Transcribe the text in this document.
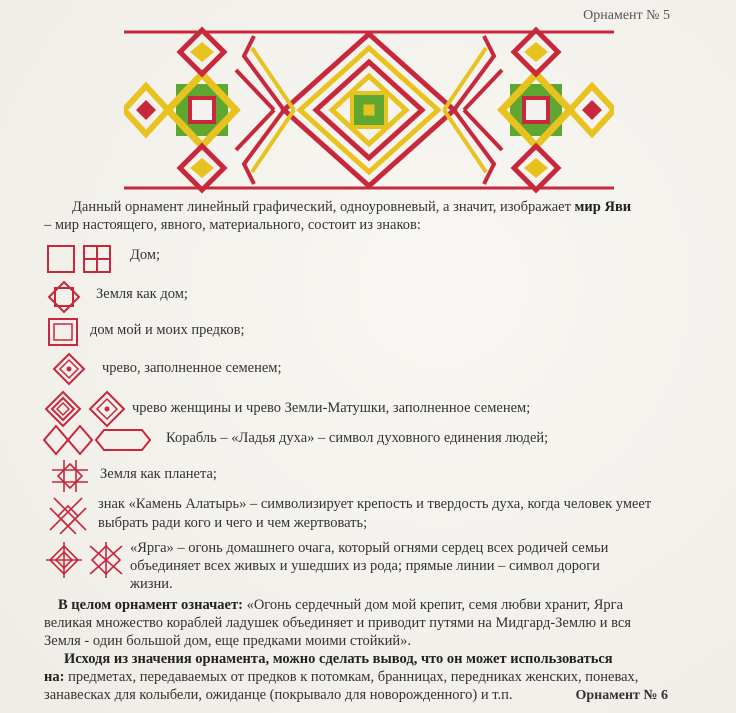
Орнамент № 5
Данный орнамент линейный графический, одноуровневый, а значит, изображает мир Яви
– мир настоящего, явного, материального, состоит из знаков:
Дом;
Земля как дом;
дом мой и моих предков;
чрево, заполненное семенем;
чрево женщины и чрево Земли-Матушки, заполненное семенем;
Корабль – «Ладья духа» – символ духовного единения людей;
Земля как планета;
знак «Камень Алатырь» – символизирует крепость и твердость духа, когда человек умеет
выбрать ради кого и чего и чем жертвовать;
«Ярга» – огонь домашнего очага, который огнями сердец всех родичей семьи
объединяет всех живых и ушедших из рода; прямые линии – символ дороги
жизни.
В целом орнамент означает: «Огонь сердечный дом мой крепит, семя любви хранит, Ярга
великая множество кораблей ладушек объединяет и приводит путями на Мидгард-Землю и вся
Земля - один большой дом, еще предками моими стойкий».
Исходя из значения орнамента, можно сделать вывод, что он может использоваться
на: предметах, передаваемых от предков к потомкам, бранницах, передниках женских, поневах,
занавесках для колыбели, ожиданце (покрывало для новорожденного) и т.п.	Орнамент № 6
